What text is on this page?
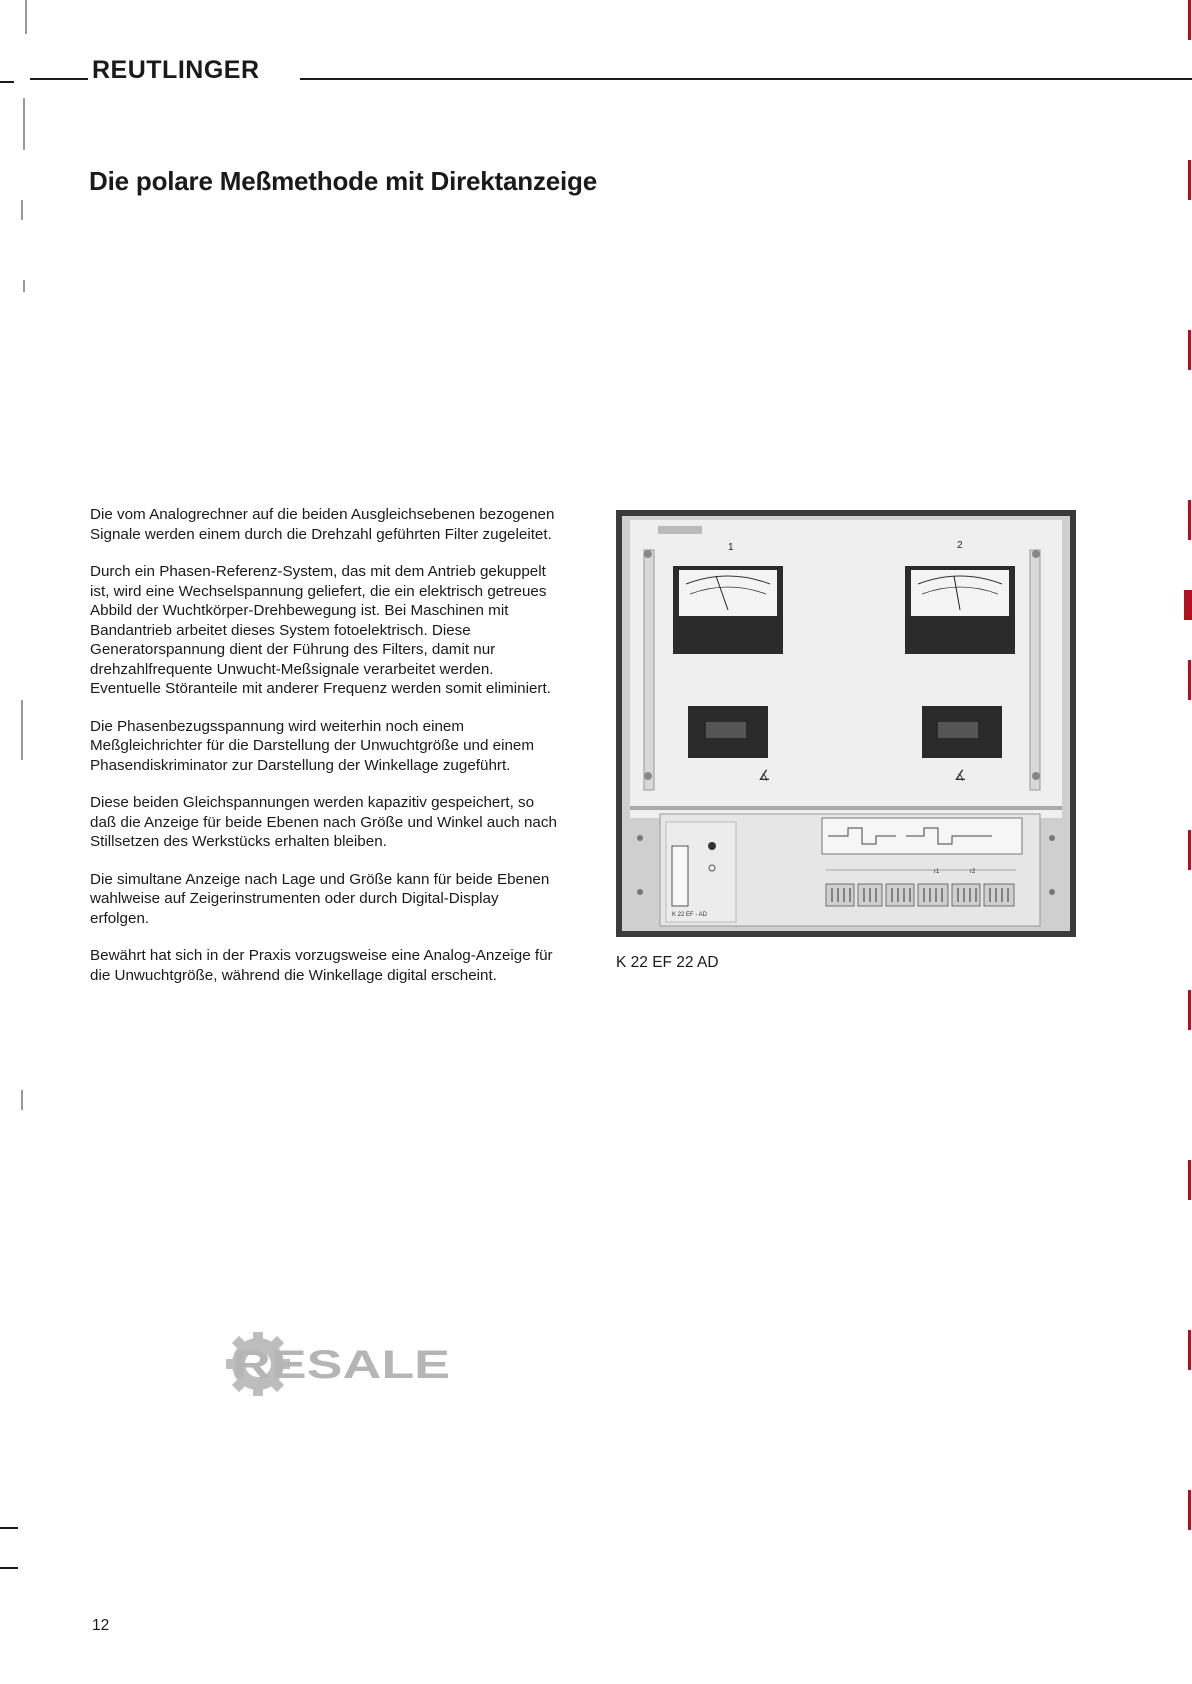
REUTLINGER
Die polare Meßmethode mit Direktanzeige

Die vom Analogrechner auf die beiden Ausgleichsebenen bezogenen Signale werden einem durch die Drehzahl geführten Filter zugeleitet.

Durch ein Phasen-Referenz-System, das mit dem Antrieb gekuppelt ist, wird eine Wechselspannung geliefert, die ein elektrisch getreues Abbild der Wuchtkörper-Drehbewegung ist. Bei Maschinen mit Bandantrieb arbeitet dieses System fotoelektrisch. Diese Generatorspannung dient der Führung des Filters, damit nur drehzahlfrequente Unwucht-Meßsignale verarbeitet werden. Eventuelle Störanteile mit anderer Frequenz werden somit eliminiert.

Die Phasenbezugsspannung wird weiterhin noch einem Meßgleichrichter für die Darstellung der Unwuchtgröße und einem Phasendiskriminator zur Darstellung der Winkellage zugeführt.

Diese beiden Gleichspannungen werden kapazitiv gespeichert, so daß die Anzeige für beide Ebenen nach Größe und Winkel auch nach Stillsetzen des Werkstücks erhalten bleiben.

Die simultane Anzeige nach Lage und Größe kann für beide Ebenen wahlweise auf Zeigerinstrumenten oder durch Digital-Display erfolgen.

Bewährt hat sich in der Praxis vorzugsweise eine Analog-Anzeige für die Unwuchtgröße, während die Winkellage digital erscheint.

1	2
∡	∡
K 22 EF - AD
r1	r2
K 22 EF 22 AD
RESALE
12
